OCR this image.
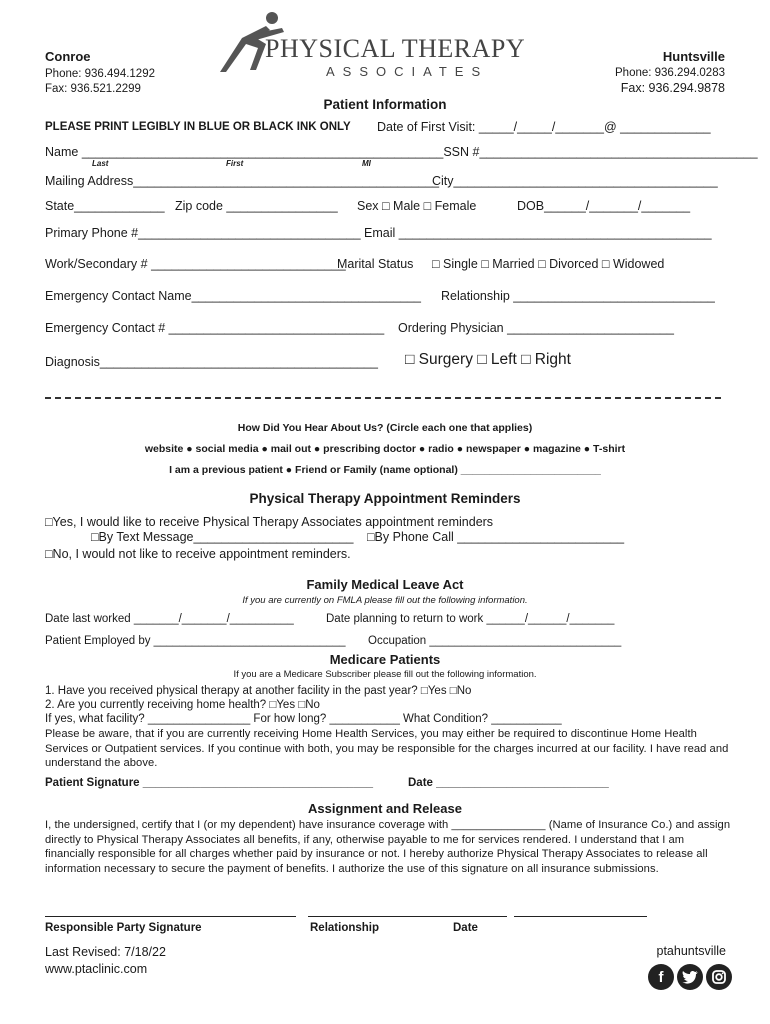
Conroe
Phone: 936.494.1292
Fax: 936.521.2299
Huntsville
Phone: 936.294.0283
Fax: 936.294.9878
PHYSICAL THERAPY
ASSOCIATES
Patient Information
PLEASE PRINT LEGIBLY IN BLUE OR BLACK INK ONLY Date of First Visit: _____/_____/_______@ _____________
Name ____________________________________________________SSN #________________________________________
Last	First	MI
Mailing Address____________________________________________
City______________________________________
State_____________ Zip code ________________ Sex □ Male □ Female	DOB______/_______/_______
Primary Phone #________________________________ Email _____________________________________________
Work/Secondary # ____________________________
Marital Status □ Single □ Married □ Divorced □ Widowed
Emergency Contact Name_________________________________ Relationship _____________________________
Emergency Contact # _______________________________ Ordering Physician ________________________
Diagnosis________________________________________ □ Surgery □ Left □ Right
How Did You Hear About Us? (Circle each one that applies)
website ● social media ● mail out ● prescribing doctor ● radio ● newspaper ● magazine ● T-shirt
I am a previous patient ● Friend or Family (name optional) ________________________
Physical Therapy Appointment Reminders
□Yes, I would like to receive Physical Therapy Associates appointment reminders
□By Text Message_______________________ □By Phone Call ________________________
□No, I would not like to receive appointment reminders.
Family Medical Leave Act
If you are currently on FMLA please fill out the following information.
Date last worked _______/_______/__________	Date planning to return to work ______/______/_______
Patient Employed by ______________________________ Occupation ______________________________
Medicare Patients
If you are a Medicare Subscriber please fill out the following information.
1. Have you received physical therapy at another facility in the past year? □Yes □No
2. Are you currently receiving home health? □Yes □No
If yes, what facility? ________________ For how long? ___________ What Condition? ___________
Please be aware, that if you are currently receiving Home Health Services, you may either be required to discontinue Home Health Services or Outpatient services. If you continue with both, you may be responsible for the charges incurred at our facility. I have read and understand the above.
Patient Signature ____________________________________	Date ___________________________
Assignment and Release
I, the undersigned, certify that I (or my dependent) have insurance coverage with _______________ (Name of Insurance Co.) and assign directly to Physical Therapy Associates all benefits, if any, otherwise payable to me for services rendered. I understand that I am financially responsible for all charges whether paid by insurance or not. I hereby authorize Physical Therapy Associates to release all information necessary to secure the payment of benefits. I authorize the use of this signature on all insurance submissions.
Responsible Party Signature	Relationship	Date
Last Revised: 7/18/22
www.ptaclinic.com
ptahuntsville
f
